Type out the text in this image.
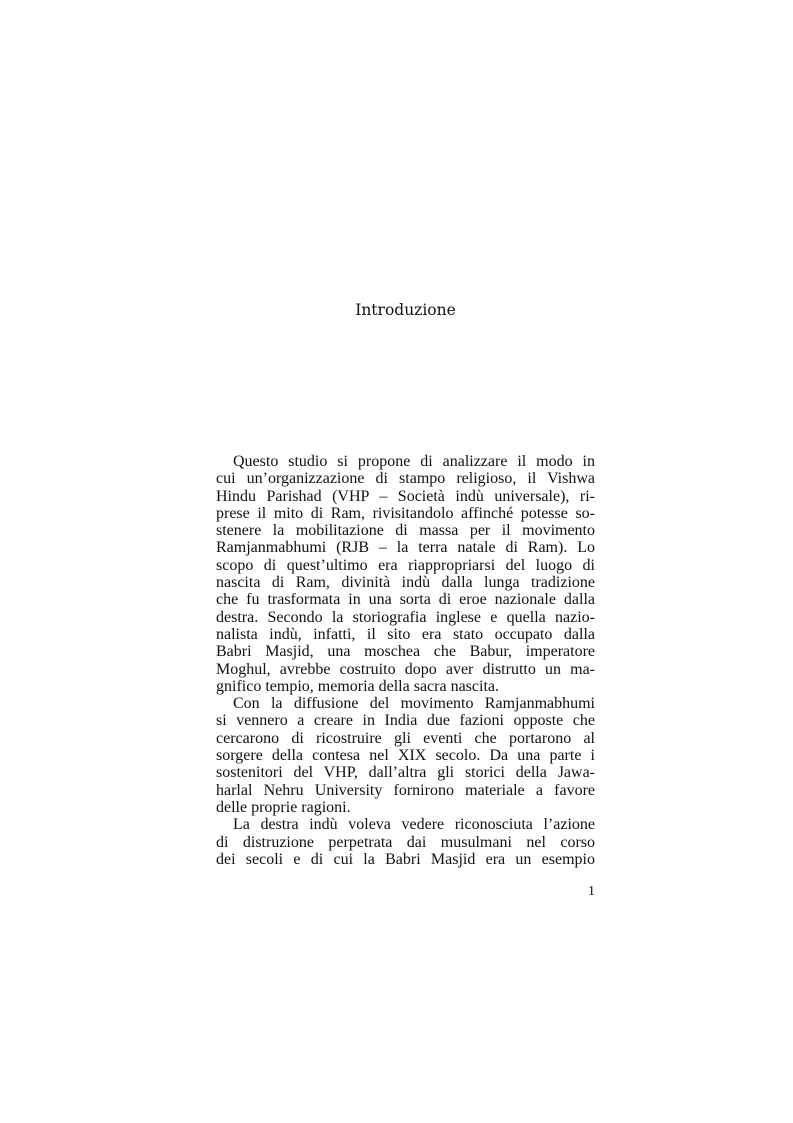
Introduzione
Questo studio si propone di analizzare il modo in
cui un’organizzazione di stampo religioso, il Vishwa
Hindu Parishad (VHP – Società indù universale), ri-
prese il mito di Ram, rivisitandolo affinché potesse so-
stenere la mobilitazione di massa per il movimento
Ramjanmabhumi (RJB – la terra natale di Ram). Lo
scopo di quest’ultimo era riappropriarsi del luogo di
nascita di Ram, divinità indù dalla lunga tradizione
che fu trasformata in una sorta di eroe nazionale dalla
destra. Secondo la storiografia inglese e quella nazio-
nalista indù, infatti, il sito era stato occupato dalla
Babri Masjid, una moschea che Babur, imperatore
Moghul, avrebbe costruito dopo aver distrutto un ma-
gnifico tempio, memoria della sacra nascita.
Con la diffusione del movimento Ramjanmabhumi
si vennero a creare in India due fazioni opposte che
cercarono di ricostruire gli eventi che portarono al
sorgere della contesa nel XIX secolo. Da una parte i
sostenitori del VHP, dall’altra gli storici della Jawa-
harlal Nehru University fornirono materiale a favore
delle proprie ragioni.
La destra indù voleva vedere riconosciuta l’azione
di distruzione perpetrata dai musulmani nel corso
dei secoli e di cui la Babri Masjid era un esempio
1
